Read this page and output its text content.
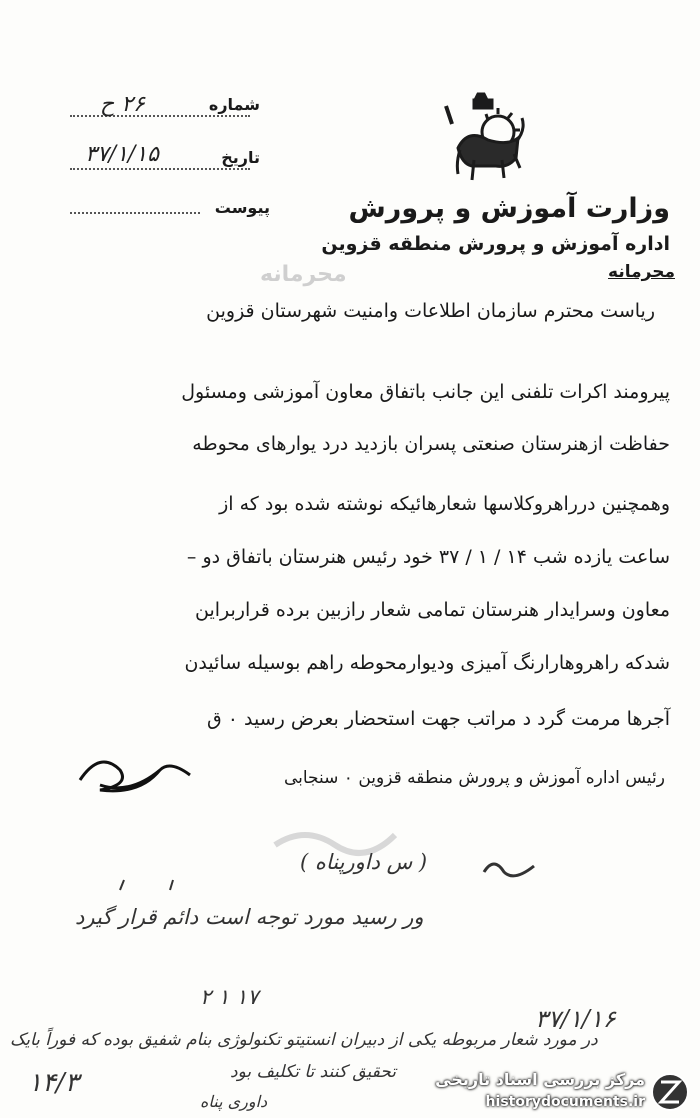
شماره
۲۶ ح
تاریخ
۳۷/۱/۱۵
پیوست	وزارت آموزش و پرورش
اداره آموزش و پرورش منطقه قزوین
محرمانه
محرمانه
ریاست محترم سازمان اطلاعات وامنیت شهرستان قزوین
پیرومند اکرات تلفنی این جانب باتفاق معاون آموزشی ومسئول
حفاظت ازهنرستان صنعتی پسران بازدید درد یوارهای محوطه
وهمچنین درراهروکلاسها شعارهائیکه نوشته شده بود که از
ساعت یازده شب ۱۴ / ۱ / ۳۷ خود رئیس هنرستان باتفاق دو –
معاون وسرایدار هنرستان تمامی شعار رازبین برده قراربراین
شدکه راهروهارارنگ آمیزی ودیوارمحوطه راهم بوسیله سائیدن
آجرها مرمت گرد د مراتب جهت استحضار بعرض رسید ۰ ق
رئیس اداره آموزش و پرورش منطقه قزوین ۰ سنجابی
( س داورپناه )
ور رسید مورد توجه است دائم قرار گیرد
۲ ۱ ۱۷
۳۷/۱/۱۶
در مورد شعار مربوطه یکی از دبیران انستیتو تکنولوژی بنام شفیق بوده که فوراً بایک
تحقیق کنند تا تکلیف بود
۱۴/۳
داوری پناه
مرکز بررسی اسناد تاریخی
historydocuments.ir
